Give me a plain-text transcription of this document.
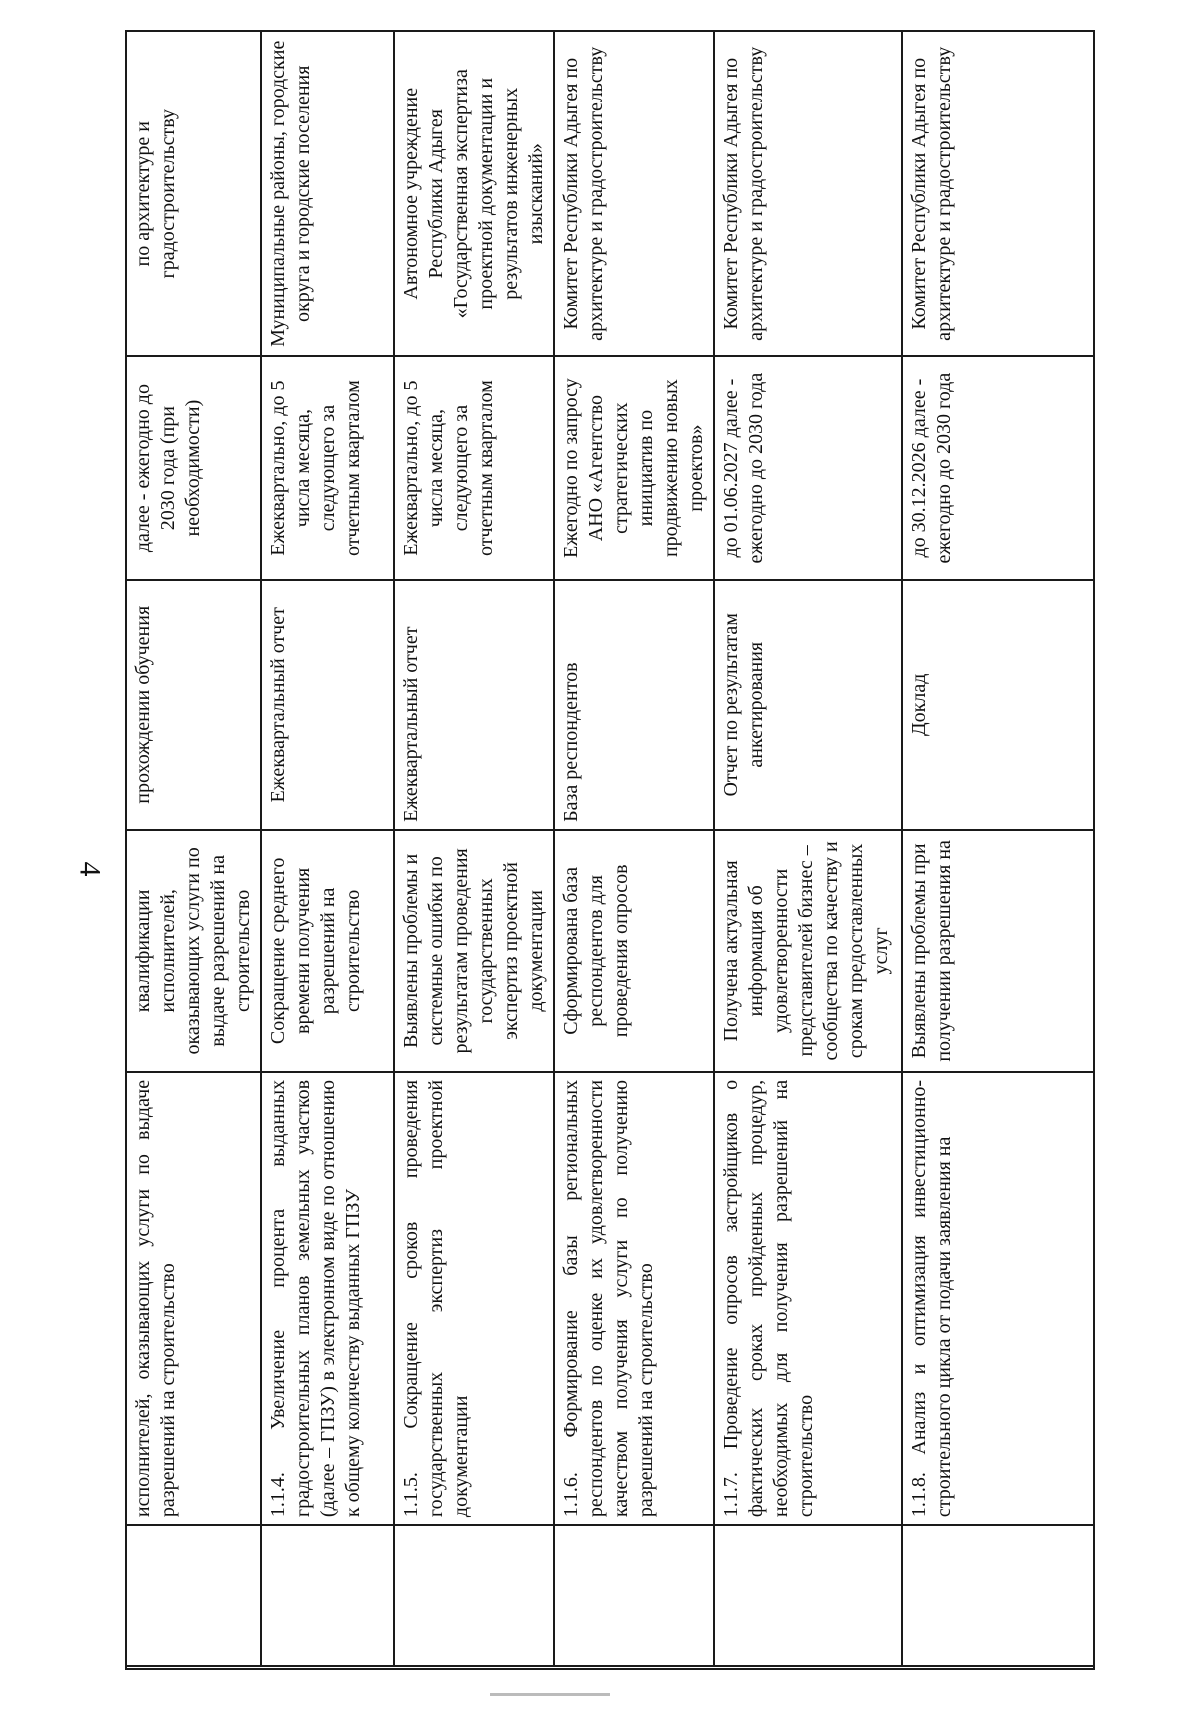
4
		исполнителей, оказывающих услуги по выдаче разрешений на строительство	квалификации исполнителей, оказывающих услуги по выдаче разрешений на строительство	прохождении обучения	далее - ежегодно до 2030 года (при необходимости)	по архитектуре и градостроительству
		1.1.4. Увеличение процента выданных градостроительных планов земельных участков (далее – ГПЗУ) в электронном виде по отношению к общему количеству выданных ГПЗУ	Сокращение среднего времени получения разрешений на строительство	Ежеквартальный отчет	Ежеквартально, до 5 числа месяца, следующего за отчетным кварталом	Муниципальные районы, городские округа и городские поселения
		1.1.5. Сокращение сроков проведения государственных экспертиз проектной документации	Выявлены проблемы и системные ошибки по результатам проведения государственных экспертиз проектной документации	Ежеквартальный отчет	Ежеквартально, до 5 числа месяца, следующего за отчетным кварталом	Автономное учреждение Республики Адыгея «Государственная экспертиза проектной документации и результатов инженерных изысканий»
		1.1.6. Формирование базы региональных респондентов по оценке их удовлетворенности качеством получения услуги по получению разрешений на строительство	Сформирована база респондентов для проведения опросов	База респондентов	Ежегодно по запросу АНО «Агентство стратегических инициатив по продвижению новых проектов»	Комитет Республики Адыгея по архитектуре и градостроительству
		1.1.7. Проведение опросов застройщиков о фактических сроках пройденных процедур, необходимых для получения разрешений на строительство	Получена актуальная информация об удовлетворенности представителей бизнес – сообщества по качеству и срокам предоставленных услуг	Отчет по результатам анкетирования	до 01.06.2027 далее - ежегодно до 2030 года	Комитет Республики Адыгея по архитектуре и градостроительству
		1.1.8. Анализ и оптимизация инвестиционно-строительного цикла от подачи заявления на	Выявлены проблемы при получении разрешения на	Доклад	до 30.12.2026 далее - ежегодно до 2030 года	Комитет Республики Адыгея по архитектуре и градостроительству
